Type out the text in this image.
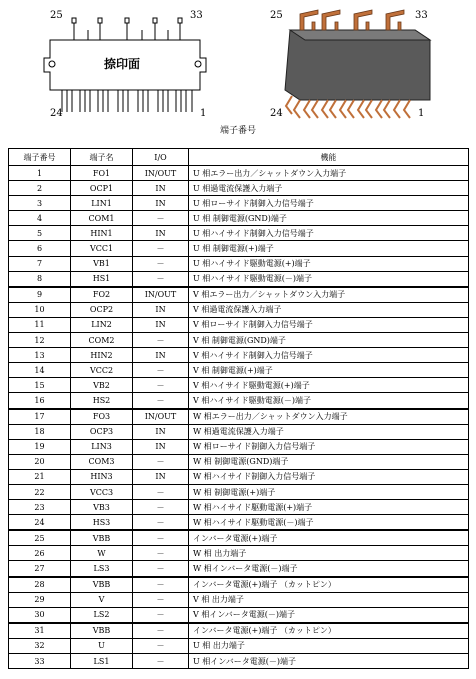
25	33
24	1
捺印面
25	33
24	1
端子番号
端子番号	端子名	I/O	機能
1	FO1	IN/OUT	U 相エラー出力／シャットダウン入力端子
2	OCP1	IN	U 相過電流保護入力端子
3	LIN1	IN	U 相ローサイド制御入力信号端子
4	COM1	－	U 相 制御電源(GND)端子
5	HIN1	IN	U 相ハイサイド制御入力信号端子
6	VCC1	－	U 相 制御電源(+)端子
7	VB1	－	U 相ハイサイド駆動電源(+)端子
8	HS1	－	U 相ハイサイド駆動電源(－)端子
9	FO2	IN/OUT	V 相エラー出力／シャットダウン入力端子
10	OCP2	IN	V 相過電流保護入力端子
11	LIN2	IN	V 相ローサイド制御入力信号端子
12	COM2	－	V 相 制御電源(GND)端子
13	HIN2	IN	V 相ハイサイド制御入力信号端子
14	VCC2	－	V 相 制御電源(+)端子
15	VB2	－	V 相ハイサイド駆動電源(+)端子
16	HS2	－	V 相ハイサイド駆動電源(－)端子
17	FO3	IN/OUT	W 相エラー出力／シャットダウン入力端子
18	OCP3	IN	W 相過電流保護入力端子
19	LIN3	IN	W 相ローサイド制御入力信号端子
20	COM3	－	W 相 制御電源(GND)端子
21	HIN3	IN	W 相ハイサイド制御入力信号端子
22	VCC3	－	W 相 制御電源(+)端子
23	VB3	－	W 相ハイサイド駆動電源(+)端子
24	HS3	－	W 相ハイサイド駆動電源(－)端子
25	VBB	－	インバータ電源(+)端子
26	W	－	W 相 出力端子
27	LS3	－	W 相インバータ電源(－)端子
28	VBB	－	インバータ電源(+)端子 （カットピン）
29	V	－	V 相 出力端子
30	LS2	－	V 相インバータ電源(－)端子
31	VBB	－	インバータ電源(+)端子 （カットピン）
32	U	－	U 相 出力端子
33	LS1	－	U 相インバータ電源(－)端子
